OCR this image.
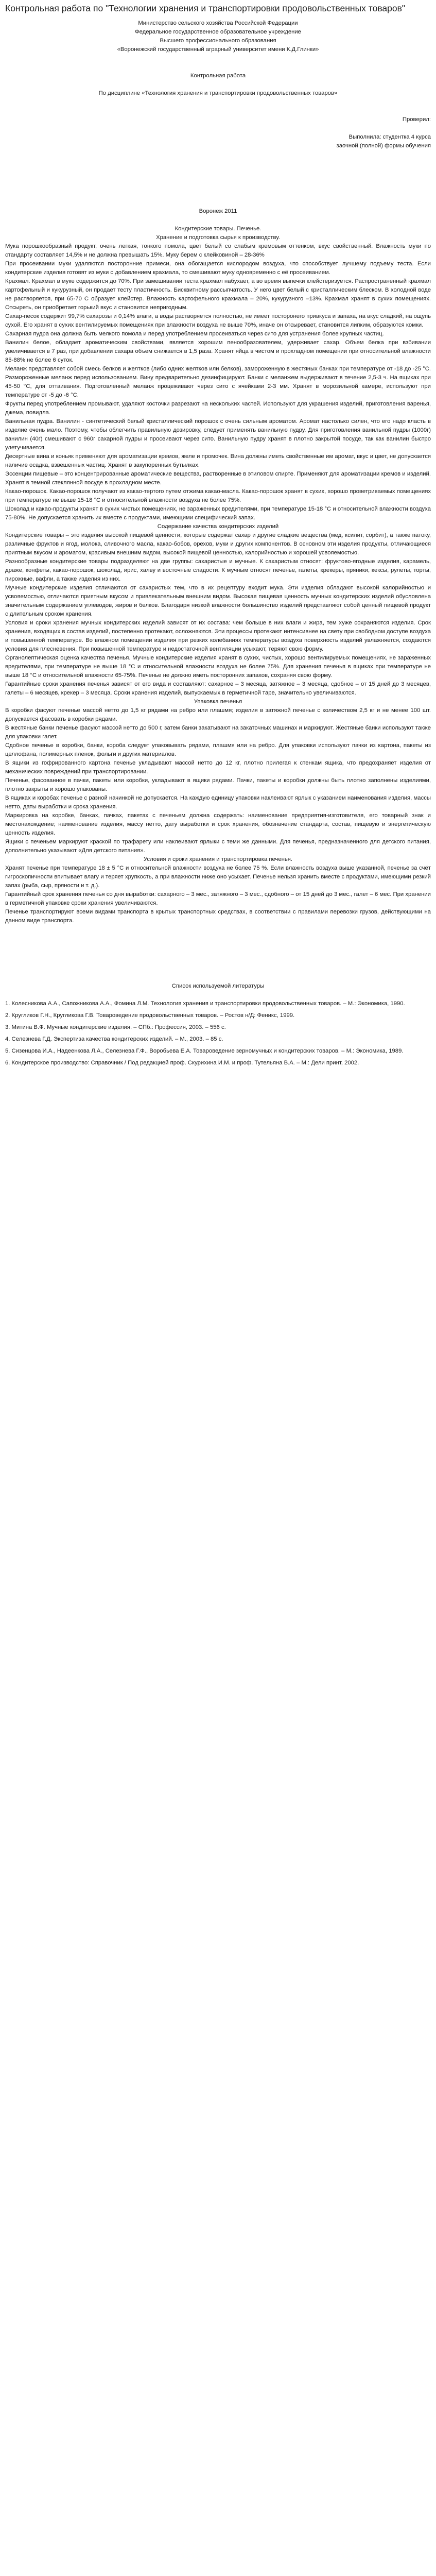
Контрольная работа по "Технологии хранения и транспортировки продовольственных товаров"

Министерство сельского хозяйства Российской Федерации

Федеральное государственное образовательное учреждение

Высшего профессионального образования

«Воронежский государственный аграрный университет имени К.Д.Глинки»

Контрольная работа

По дисциплине «Технология хранения и транспортировки продовольственных товаров»

Проверил:

Выполнила: студентка 4 курса

заочной (полной) формы обучения

Воронеж 2011

Кондитерские товары. Печенье.

Хранение и подготовка сырья к производству.

Мука порошкообразный продукт, очень легкая, тонкого помола, цвет белый со слабым кремовым оттенком, вкус свойственный. Влажность муки по стандарту составляет 14,5% и не должна превышать 15%. Муку берем с клейковиной – 28-36%

При просеивании муки удаляются посторонние примеси, она обогащается кислородом воздуха, что способствует лучшему подъему теста. Если кондитерские изделия готовят из муки с добавлением крахмала, то смешивают муку одновременно с её просеиванием.

Крахмал. Крахмал в муке содержится до 70%. При замешивании теста крахмал набухает, а во время выпечки клейстеризуется. Распространенный крахмал картофельный и кукурузный, он продает тесту пластичность. Бисквитному рассыпчатость. У него цвет белый с кристаллическим блеском. В холодной воде не растворяется, при 65-70 С образует клейстер. Влажность картофельного крахмала – 20%, кукурузного –13%. Крахмал хранят в сухих помещениях. Отсыреть, он приобретает горький вкус и становится непригодным.

Сахар-песок содержит 99,7% сахарозы и 0,14% влаги, а воды растворяется полностью, не имеет посторонего привкуса и запаха, на вкус сладкий, на ощупь сухой. Его хранят в сухих вентилируемых помещениях при влажности воздуха не выше 70%, иначе он отсыревает, становится липким, образуются комки.

Сахарная пудра она должна быть мелкого помола и перед употреблением просеиваться через сито для устранения более крупных частиц.

Ванилин белое, обладает ароматическим свойствами, является хорошим пенообразователем, удерживает сахар. Объем белка при взбивании увеличивается в 7 раз, при добавлении сахара объем снижается в 1,5 раза. Хранят яйца в чистом и прохладном помещении при относительной влажности 85-88% не более 6 суток.

Меланж представляет собой смесь белков и желтков (либо одних желтков или белков), замороженную в жестяных банках при температуре от -18 до -25 °С. Размороженные меланж перед использованием. Вину предварительно дезинфицируют. Банки с меланжем выдерживают в течение 2,5-3 ч. На ящиках при 45-50 °С, для оттаивания. Подготовленный меланж процеживают через сито с ячейками 2-3 мм. Хранят в морозильной камере, используют при температуре от -5 до -6 °С.

Фрукты перед употреблением промывают, удаляют косточки разрезают на нескольких частей. Используют для украшения изделий, приготовления варенья, джема, повидла.

Ванильная пудра. Ванилин - синтетический белый кристаллический порошок с очень сильным ароматом. Аромат настолько силен, что его надо класть в изделие очень мало. Поэтому, чтобы облегчить правильную дозировку, следует применять ванильную пудру. Для приготовления ванильной пудры (1000г) ванилин (40г) смешивают с 960г сахарной пудры и просеивают через сито. Ванильную пудру хранят в плотно закрытой посуде, так как ванилин быстро улетучивается.

Десертные вина и коньяк применяют для ароматизации кремов, желе и промочек. Вина должны иметь свойственные им аромат, вкус и цвет, не допускается наличие осадка, взвешенных частиц. Хранят в закупоренных бутылках.

Эссенции пищевые – это концентрированные ароматические вещества, растворенные в этиловом спирте. Применяют для ароматизации кремов и изделий. Хранят в темной стеклянной посуде в прохладном месте.

Какао-порошок. Какао-порошок получают из какао-тертого путем отжима какао-масла. Какао-порошок хранят в сухих, хорошо проветриваемых помещениях при температуре не выше 15-18 °С и относительной влажности воздуха не более 75%.

Шоколад и какао-продукты хранят в сухих чистых помещениях, не зараженных вредителями, при температуре 15-18 °С и относительной влажности воздуха 75-80%. Не допускается хранить их вместе с продуктами, имеющими специфический запах.

Содержание качества кондитерских изделий

Кондитерские товары – это изделия высокой пищевой ценности, которые содержат сахар и другие сладкие вещества (мед, ксилит, сорбит), а также патоку, различные фруктов и ягод, молока, сливочного масла, какао-бобов, орехов, муки и других компонентов. В основном эти изделия продукты, отличающиеся приятным вкусом и ароматом, красивым внешним видом, высокой пищевой ценностью, калорийностью и хорошей усвояемостью.

Разнообразные кондитерские товары подразделяют на две группы: сахаристые и мучные. К сахаристым относят: фруктово-ягодные изделия, карамель, драже, конфеты, какао-порошок, шоколад, ирис, халву и восточные сладости. К мучным относят печенье, галеты, крекеры, пряники, кексы, рулеты, торты, пирожные, вафли, а также изделия из них.

Мучные кондитерские изделия отличаются от сахаристых тем, что в их рецептуру входит мука. Эти изделия обладают высокой калорийностью и усвояемостью, отличаются приятным вкусом и привлекательным внешним видом. Высокая пищевая ценность мучных кондитерских изделий обусловлена значительным содержанием углеводов, жиров и белков. Благодаря низкой влажности большинство изделий представляют собой ценный пищевой продукт с длительным сроком хранения.

Условия и сроки хранения мучных кондитерских изделий зависят от их состава: чем больше в них влаги и жира, тем хуже сохраняются изделия. Срок хранения, входящих в состав изделий, постепенно протекают, осложняются. Эти процессы протекают интенсивнее на свету при свободном доступе воздуха и повышенной температуре. Во влажном помещении изделия при резких колебаниях температуры воздуха поверхность изделий увлажняется, создаются условия для плесневения. При повышенной температуре и недостаточной вентиляции усыхают, теряют свою форму.

Органолептическая оценка качества печенья. Мучные кондитерские изделия хранят в сухих, чистых, хорошо вентилируемых помещениях, не зараженных вредителями, при температуре не выше 18 °С и относительной влажности воздуха не более 75%. Для хранения печенья в ящиках при температуре не выше 18 °С и относительной влажности 65-75%. Печенье не должно иметь посторонних запахов, сохраняя свою форму.

Гарантийные сроки хранения печенья зависят от его вида и составляют: сахарное – 3 месяца, затяжное – 3 месяца, сдобное – от 15 дней до 3 месяцев, галеты – 6 месяцев, крекер – 3 месяца. Сроки хранения изделий, выпускаемых в герметичной таре, значительно увеличиваются.

Упаковка печенья

В коробки фасуют печенье массой нетто до 1,5 кг рядами на ребро или плашмя; изделия в затяжной печенье с количеством 2,5 кг и не менее 100 шт. допускается фасовать в коробки рядами.

В жестяные банки печенье фасуют массой нетто до 500 г, затем банки закатывают на закаточных машинах и маркируют. Жестяные банки используют также для упаковки галет.

Сдобное печенье в коробки, банки, короба следует упаковывать рядами, плашмя или на ребро. Для упаковки используют пачки из картона, пакеты из целлофана, полимерных пленок, фольги и других материалов.

В ящики из гофрированного картона печенье укладывают массой нетто до 12 кг, плотно прилегая к стенкам ящика, что предохраняет изделия от механических повреждений при транспортировании.

Печенье, фасованное в пачки, пакеты или коробки, укладывают в ящики рядами. Пачки, пакеты и коробки должны быть плотно заполнены изделиями, плотно закрыты и хорошо упакованы.

В ящиках и коробах печенье с разной начинкой не допускается. На каждую единицу упаковки наклеивают ярлык с указанием наименования изделия, массы нетто, даты выработки и срока хранения.

Маркировка на коробке, банках, пачках, пакетах с печеньем должна содержать: наименование предприятия-изготовителя, его товарный знак и местонахождение; наименование изделия, массу нетто, дату выработки и срок хранения, обозначение стандарта, состав, пищевую и энергетическую ценность изделия.

Ящики с печеньем маркируют краской по трафарету или наклеивают ярлыки с теми же данными. Для печенья, предназначенного для детского питания, дополнительно указывают «Для детского питания».

Условия и сроки хранения и транспортировка печенья.

Хранят печенье при температуре 18 ± 5 °С и относительной влажности воздуха не более 75 %. Если влажность воздуха выше указанной, печенье за счёт гигроскопичности впитывает влагу и теряет хрупкость, а при влажности ниже оно усыхает. Печенье нельзя хранить вместе с продуктами, имеющими резкий запах (рыба, сыр, пряности и т. д.).

Гарантийный срок хранения печенья со дня выработки: сахарного – 3 мес., затяжного – 3 мес., сдобного – от 15 дней до 3 мес., галет – 6 мес. При хранении в герметичной упаковке сроки хранения увеличиваются.

Печенье транспортируют всеми видами транспорта в крытых транспортных средствах, в соответствии с правилами перевозки грузов, действующими на данном виде транспорта.

Список используемой литературы

1. Колесникова А.А., Сапожникова А.А., Фомина Л.М. Технология хранения и транспортировки продовольственных товаров. – М.: Экономика, 1990.

2. Кругликов Г.Н., Кругликова Г.В. Товароведение продовольственных товаров. – Ростов н/Д: Феникс, 1999.

3. Митина В.Ф. Мучные кондитерские изделия. – СПб.: Профессия, 2003. – 556 с.

4. Селезнева Г.Д. Экспертиза качества кондитерских изделий. – М., 2003. – 85 с.

5. Сизенцова И.А., Надеенкова Л.А., Селезнева Г.Ф., Воробьева Е.А. Товароведение зерномучных и кондитерских товаров. – М.: Экономика, 1989.

6. Кондитерское производство: Справочник / Под редакцией проф. Скурихина И.М. и проф. Тутельяна В.А. – М.: Дели принт, 2002.
